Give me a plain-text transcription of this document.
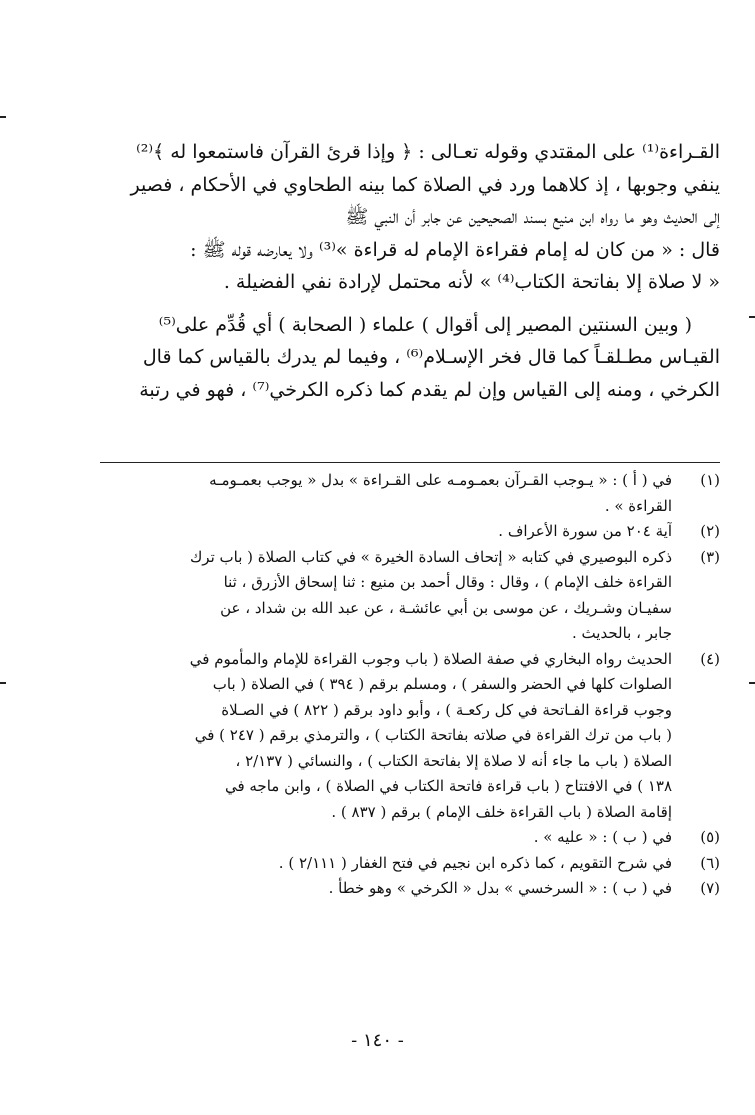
القـراءة⁽¹⁾ على المقتدي وقوله تعـالى : ﴿ وإذا قرئ القرآن فاستمعوا له ﴾⁽²⁾
ينفي وجوبها ، إذ كلاهما ورد في الصلاة كما بينه الطحاوي في الأحكام ، فصير
إلى الحديث وهو ما رواه ابن منيع بسند الصحيحين عن جابر أن النبي ﷺ
قال : « من كان له إمام فقراءة الإمام له قراءة »⁽³⁾ ولا يعارضه قوله ﷺ :
« لا صلاة إلا بفاتحة الكتاب⁽⁴⁾ » لأنه محتمل لإرادة نفي الفضيلة .
( وبين السنتين المصير إلى أقوال ) علماء ( الصحابة ) أي قُدِّم على⁽⁵⁾
القيـاس مطـلقـاً كما قال فخر الإسـلام⁽⁶⁾ ، وفيما لم يدرك بالقياس كما قال
الكرخي ، ومنه إلى القياس وإن لم يقدم كما ذكره الكرخي⁽⁷⁾ ، فهو في رتبة
(١)
في ( أ ) : « يـوجب القـرآن بعمـومـه على القـراءة » بدل « يوجب بعمـومـه
القراءة » .
(٢)
آية ٢٠٤ من سورة الأعراف .
(٣)
ذكره البوصيري في كتابه « إتحاف السادة الخيرة » في كتاب الصلاة ( باب ترك
القراءة خلف الإمام ) ، وقال : وقال أحمد بن منيع : ثنا إسحاق الأزرق ، ثنا
سفيـان وشـريك ، عن موسى بن أبي عائشـة ، عن عبد الله بن شداد ، عن
جابر ، بالحديث .
(٤)
الحديث رواه البخاري في صفة الصلاة ( باب وجوب القراءة للإمام والمأموم في
الصلوات كلها في الحضر والسفر ) ، ومسلم برقم ( ٣٩٤ ) في الصلاة ( باب
وجوب قراءة الفـاتحة في كل ركعـة ) ، وأبو داود برقم ( ٨٢٢ ) في الصـلاة
( باب من ترك القراءة في صلاته بفاتحة الكتاب ) ، والترمذي برقم ( ٢٤٧ ) في
الصلاة ( باب ما جاء أنه لا صلاة إلا بفاتحة الكتاب ) ، والنسائي ( ٢/١٣٧ ،
١٣٨ ) في الافتتاح ( باب قراءة فاتحة الكتاب في الصلاة ) ، وابن ماجه في
إقامة الصلاة ( باب القراءة خلف الإمام ) برقم ( ٨٣٧ ) .
(٥)
في ( ب ) : « عليه » .
(٦)
في شرح التقويم ، كما ذكره ابن نجيم في فتح الغفار ( ٢/١١١ ) .
(٧)
في ( ب ) : « السرخسي » بدل « الكرخي » وهو خطأ .
- ١٤٠ -
